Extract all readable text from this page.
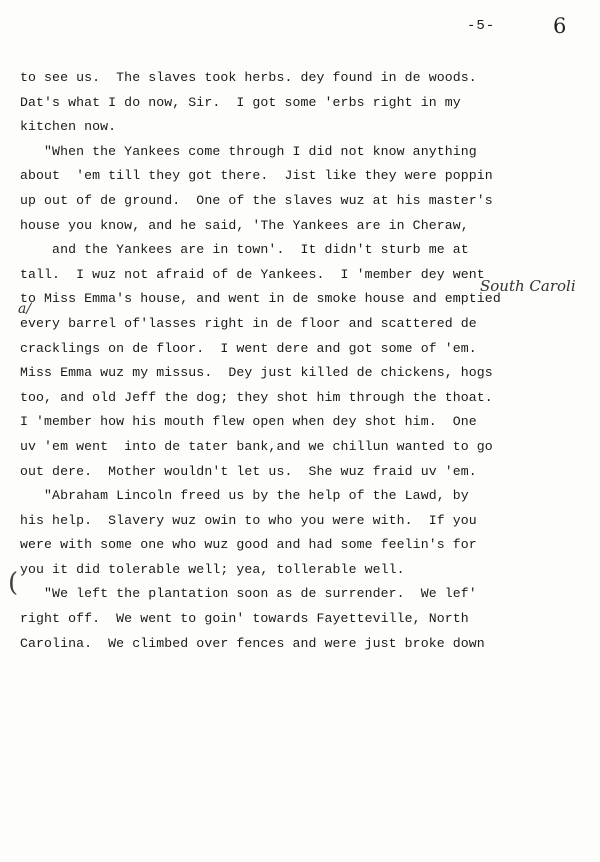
-5-	6
to see us.  The slaves took herbs. dey found in de woods.
Dat's what I do now, Sir.  I got some 'erbs right in my
kitchen now.
"When the Yankees come through I did not know anything
about  'em till they got there.  Jist like they were poppin
up out of de ground.  One of the slaves wuz at his master's
house you know, and he said, 'The Yankees are in Cheraw,
and the Yankees are in town'.  It didn't sturb me at
tall.  I wuz not afraid of de Yankees.  I 'member dey went
to Miss Emma's house, and went in de smoke house and emptied
every barrel of'lasses right in de floor and scattered de
cracklings on de floor.  I went dere and got some of 'em.
Miss Emma wuz my missus.  Dey just killed de chickens, hogs
too, and old Jeff the dog; they shot him through the thoat.
I 'member how his mouth flew open when dey shot him.  One
uv 'em went  into de tater bank,and we chillun wanted to go
out dere.  Mother wouldn't let us.  She wuz fraid uv 'em.
"Abraham Lincoln freed us by the help of the Lawd, by
his help.  Slavery wuz owin to who you were with.  If you
were with some one who wuz good and had some feelin's for
you it did tolerable well; yea, tollerable well.
"We left the plantation soon as de surrender.  We lef'
right off.  We went to goin' towards Fayetteville, North
Carolina.  We climbed over fences and were just broke down
South Caroli
a/
(
